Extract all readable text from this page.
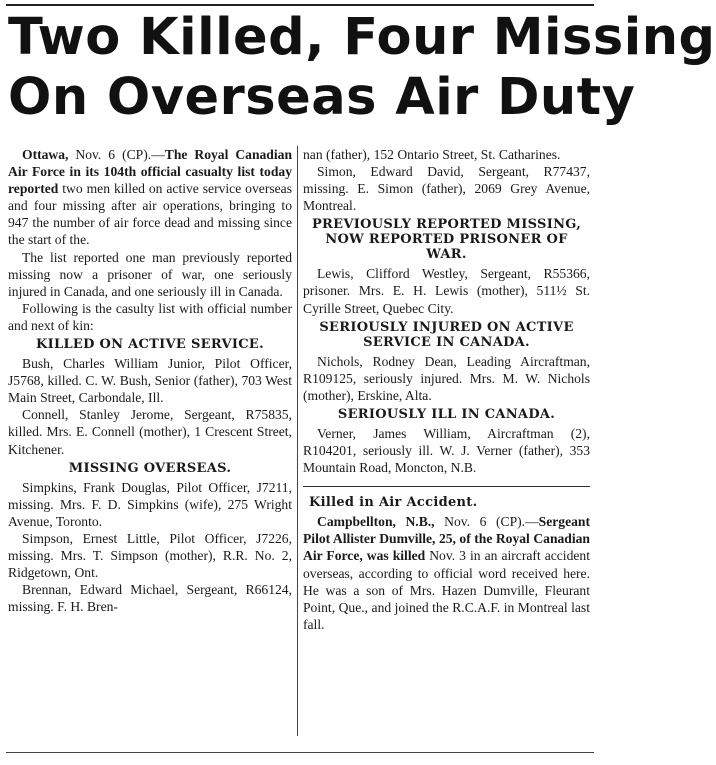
Two Killed, Four Missing
On Overseas Air Duty

Ottawa, Nov. 6 (CP).—The Royal Canadian Air Force in its 104th official casualty list today reported two men killed on active service overseas and four missing after air operations, bringing to 947 the number of air force dead and missing since the start of the.

The list reported one man previously reported missing now a prisoner of war, one seriously injured in Canada, and one seriously ill in Canada.

Following is the casulty list with official number and next of kin:

KILLED ON ACTIVE SERVICE.

Bush, Charles William Junior, Pilot Officer, J5768, killed. C. W. Bush, Senior (father), 703 West Main Street, Carbondale, Ill.

Connell, Stanley Jerome, Sergeant, R75835, killed. Mrs. E. Connell (mother), 1 Crescent Street, Kitchener.

MISSING OVERSEAS.

Simpkins, Frank Douglas, Pilot Officer, J7211, missing. Mrs. F. D. Simpkins (wife), 275 Wright Avenue, Toronto.

Simpson, Ernest Little, Pilot Officer, J7226, missing. Mrs. T. Simpson (mother), R.R. No. 2, Ridgetown, Ont.

Brennan, Edward Michael, Sergeant, R66124, missing. F. H. Bren-

nan (father), 152 Ontario Street, St. Catharines.

Simon, Edward David, Sergeant, R77437, missing. E. Simon (father), 2069 Grey Avenue, Montreal.

PREVIOUSLY REPORTED MISSING, NOW REPORTED PRISONER OF WAR.

Lewis, Clifford Westley, Sergeant, R55366, prisoner. Mrs. E. H. Lewis (mother), 511½ St. Cyrille Street, Quebec City.

SERIOUSLY INJURED ON ACTIVE SERVICE IN CANADA.

Nichols, Rodney Dean, Leading Aircraftman, R109125, seriously injured. Mrs. M. W. Nichols (mother), Erskine, Alta.

SERIOUSLY ILL IN CANADA.

Verner, James William, Aircraftman (2), R104201, seriously ill. W. J. Verner (father), 353 Mountain Road, Moncton, N.B.

Killed in Air Accident.

Campbellton, N.B., Nov. 6 (CP).—Sergeant Pilot Allister Dumville, 25, of the Royal Canadian Air Force, was killed Nov. 3 in an aircraft accident overseas, according to official word received here. He was a son of Mrs. Hazen Dumville, Fleurant Point, Que., and joined the R.C.A.F. in Montreal last fall.
